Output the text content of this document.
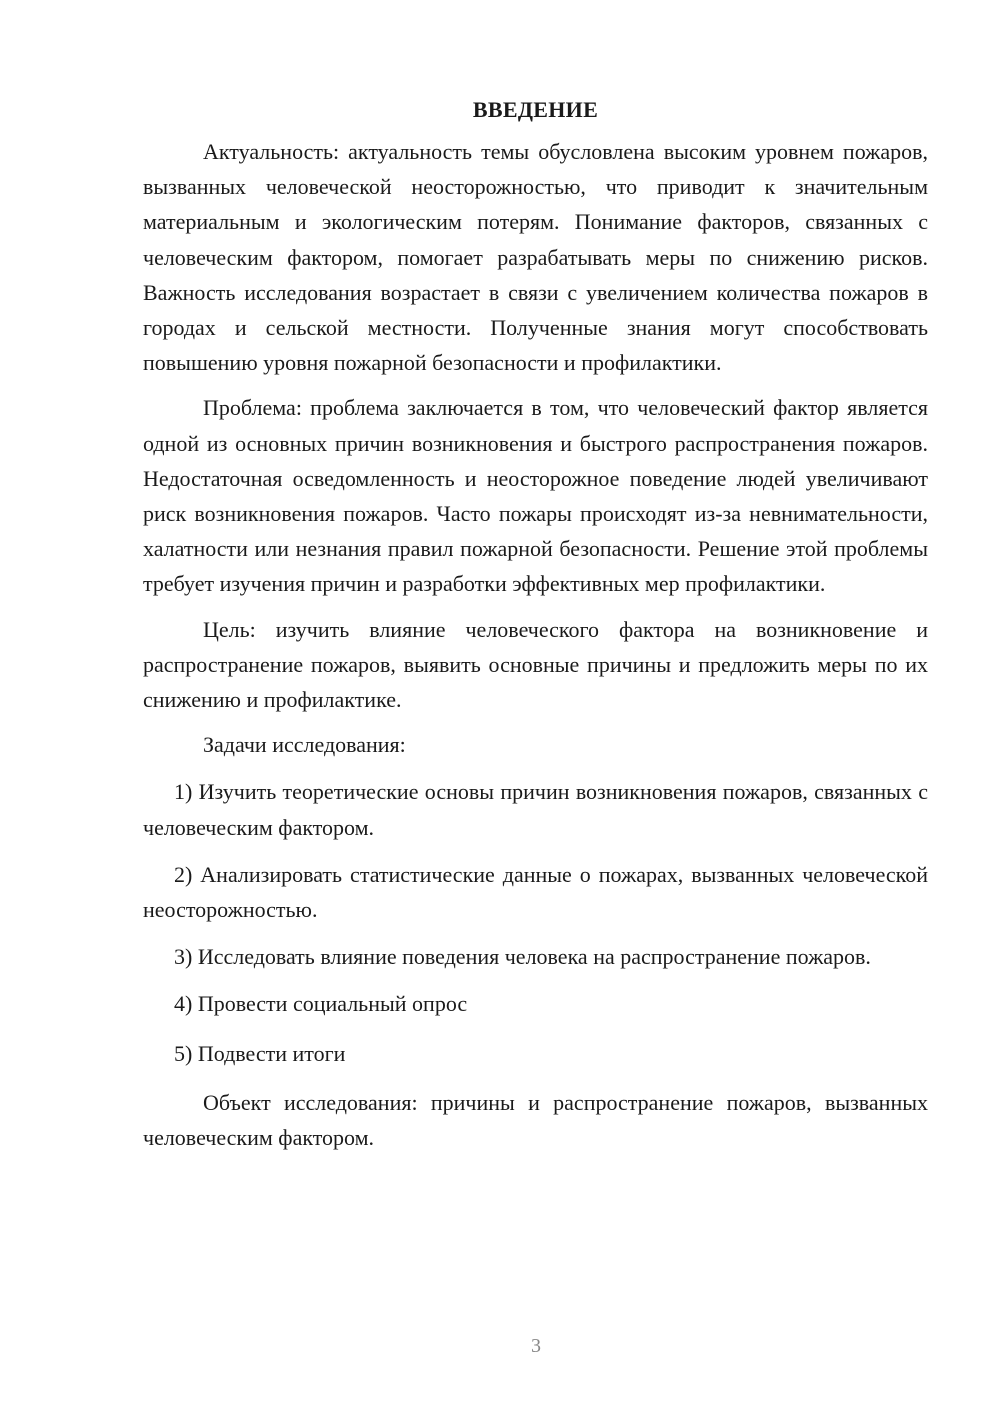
ВВЕДЕНИЕ

Актуальность: актуальность темы обусловлена высоким уровнем пожаров, вызванных человеческой неосторожностью, что приводит к значительным материальным и экологическим потерям. Понимание факторов, связанных с человеческим фактором, помогает разрабатывать меры по снижению рисков. Важность исследования возрастает в связи с увеличением количества пожаров в городах и сельской местности. Полученные знания могут способствовать повышению уровня пожарной безопасности и профилактики.

Проблема: проблема заключается в том, что человеческий фактор является одной из основных причин возникновения и быстрого распространения пожаров. Недостаточная осведомленность и неосторожное поведение людей увеличивают риск возникновения пожаров. Часто пожары происходят из-за невнимательности, халатности или незнания правил пожарной безопасности. Решение этой проблемы требует изучения причин и разработки эффективных мер профилактики.

Цель: изучить влияние человеческого фактора на возникновение и распространение пожаров, выявить основные причины и предложить меры по их снижению и профилактике.

Задачи исследования:

1) Изучить теоретические основы причин возникновения пожаров, связанных с человеческим фактором.

2) Анализировать статистические данные о пожарах, вызванных человеческой неосторожностью.

3) Исследовать влияние поведения человека на распространение пожаров.

4) Провести социальный опрос

5) Подвести итоги

Объект исследования: причины и распространение пожаров, вызванных человеческим фактором.

3
